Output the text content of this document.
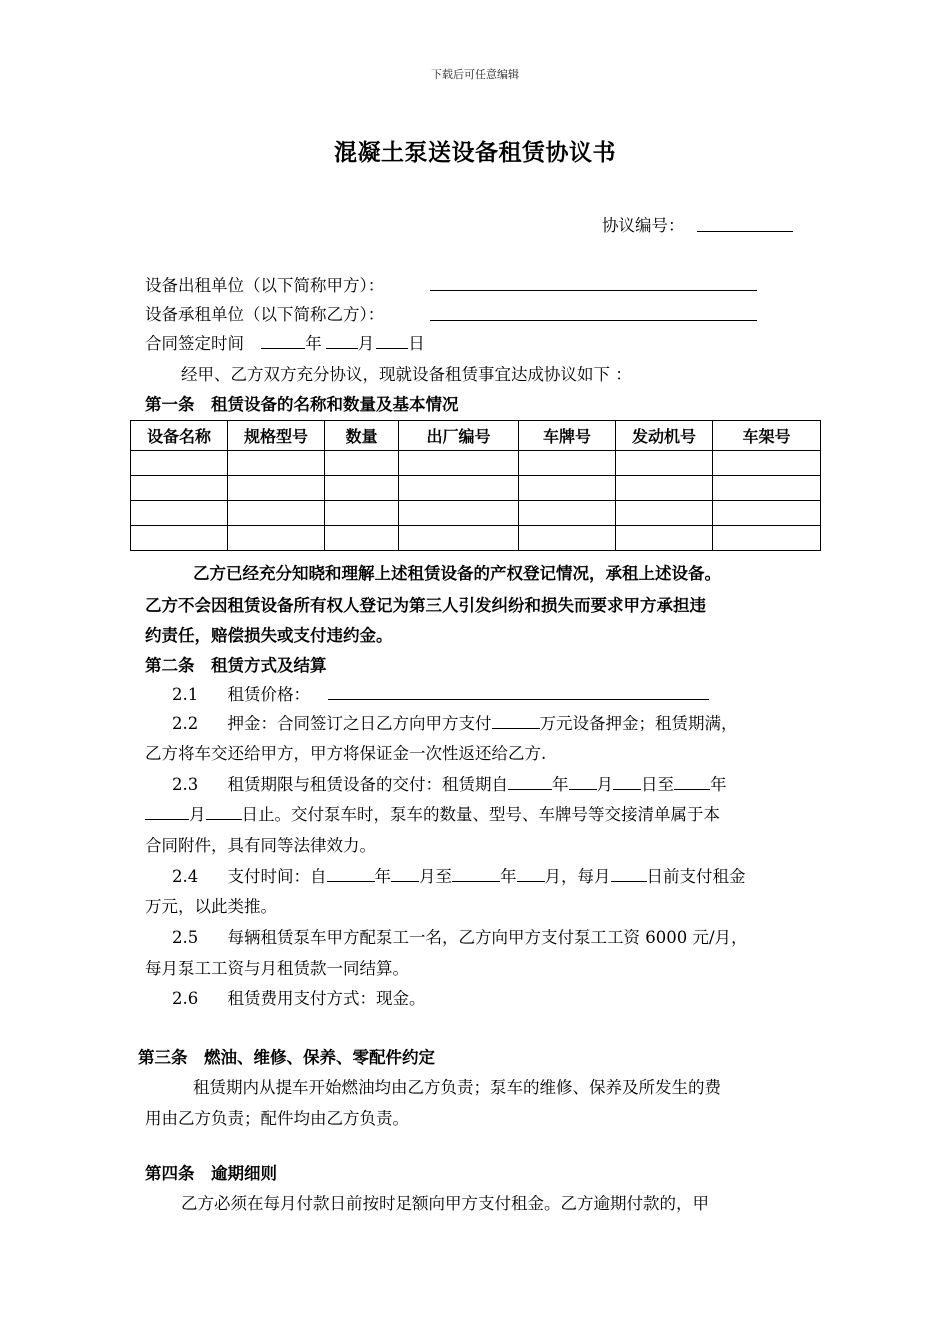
下载后可任意编辑
混凝土泵送设备租赁协议书
协议编号：
设备出租单位（以下简称甲方）：
设备承租单位（以下简称乙方）：
合同签定时间	年 月 日
经甲、乙方双方充分协议，现就设备租赁事宜达成协议如下 ：
第一条　租赁设备的名称和数量及基本情况
设备名称	规格型号	数量	出厂编号	车牌号	发动机号	车架号

乙方已经充分知晓和理解上述租赁设备的产权登记情况，承租上述设备。
乙方不会因租赁设备所有权人登记为第三人引发纠纷和损失而要求甲方承担违
约责任，赔偿损失或支付违约金。
第二条　租赁方式及结算
2.1 租赁价格：
2.2 押金：合同签订之日乙方向甲方支付	万元设备押金；租赁期满，
乙方将车交还给甲方，甲方将保证金一次性返还给乙方.
2.3 租赁期限与租赁设备的交付：租赁期自	年 月 日至 年
月 日止。交付泵车时，泵车的数量、型号、车牌号等交接清单属于本
合同附件，具有同等法律效力。
2.4 支付时间：自	年 月至	年 月，每月 日前支付租金
万元，以此类推。
2.5 每辆租赁泵车甲方配泵工一名，乙方向甲方支付泵工工资 6000 元/月，
每月泵工工资与月租赁款一同结算。
2.6 租赁费用支付方式：现金。
第三条　燃油、维修、保养、零配件约定
租赁期内从提车开始燃油均由乙方负责；泵车的维修、保养及所发生的费
用由乙方负责；配件均由乙方负责。
第四条　逾期细则
乙方必须在每月付款日前按时足额向甲方支付租金。乙方逾期付款的，甲
